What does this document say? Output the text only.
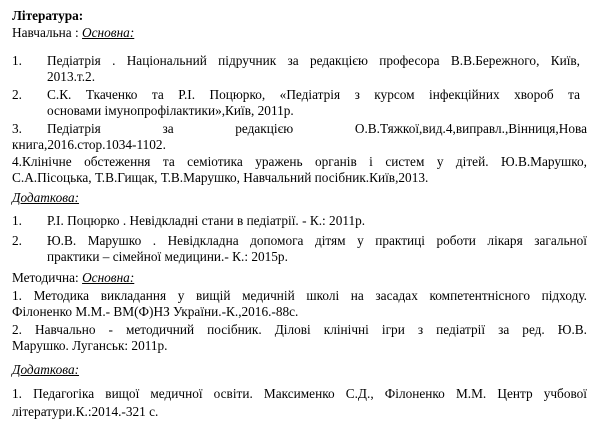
Література:
Навчальна : Основна:
1. Педіатрія . Національний підручник за редакцією професора В.В.Бережного, Київ,
2013.т.2.
2. С.К. Ткаченко та Р.І. Поцюрко, «Педіатрія з курсом інфекційних хвороб та
основами імунопрофілактики»,Київ, 2011р.
3. Педіатрія за редакцією О.В.Тяжкої,вид.4,виправл.,Вінниця,Нова
книга,2016.стор.1034-1102.
4.Клінічне обстеження та семіотика уражень органів і систем у дітей. Ю.В.Марушко,
С.А.Пісоцька, Т.В.Гищак, Т.В.Марушко, Навчальний посібник.Київ,2013.
Додаткова:
1. Р.І. Поцюрко . Невідкладні стани в педіатрії. - К.: 2011р.
2. Ю.В. Марушко . Невідкладна допомога дітям у практиці роботи лікаря загальної
практики – сімейної медицини.- К.: 2015р.
Методична: Основна:
1. Методика викладання у вищій медичній школі на засадах компетентнісного підходу.
Філоненко М.М.- ВМ(Ф)НЗ України.-К.,2016.-88с.
2. Навчально - методичний посібник. Ділові клінічні ігри з педіатрії за ред. Ю.В.
Марушко. Луганськ: 2011р.
Додаткова:
1. Педагогіка вищої медичної освіти. Максименко С.Д., Філоненко М.М. Центр учбової
літератури.К.:2014.-321 с.
